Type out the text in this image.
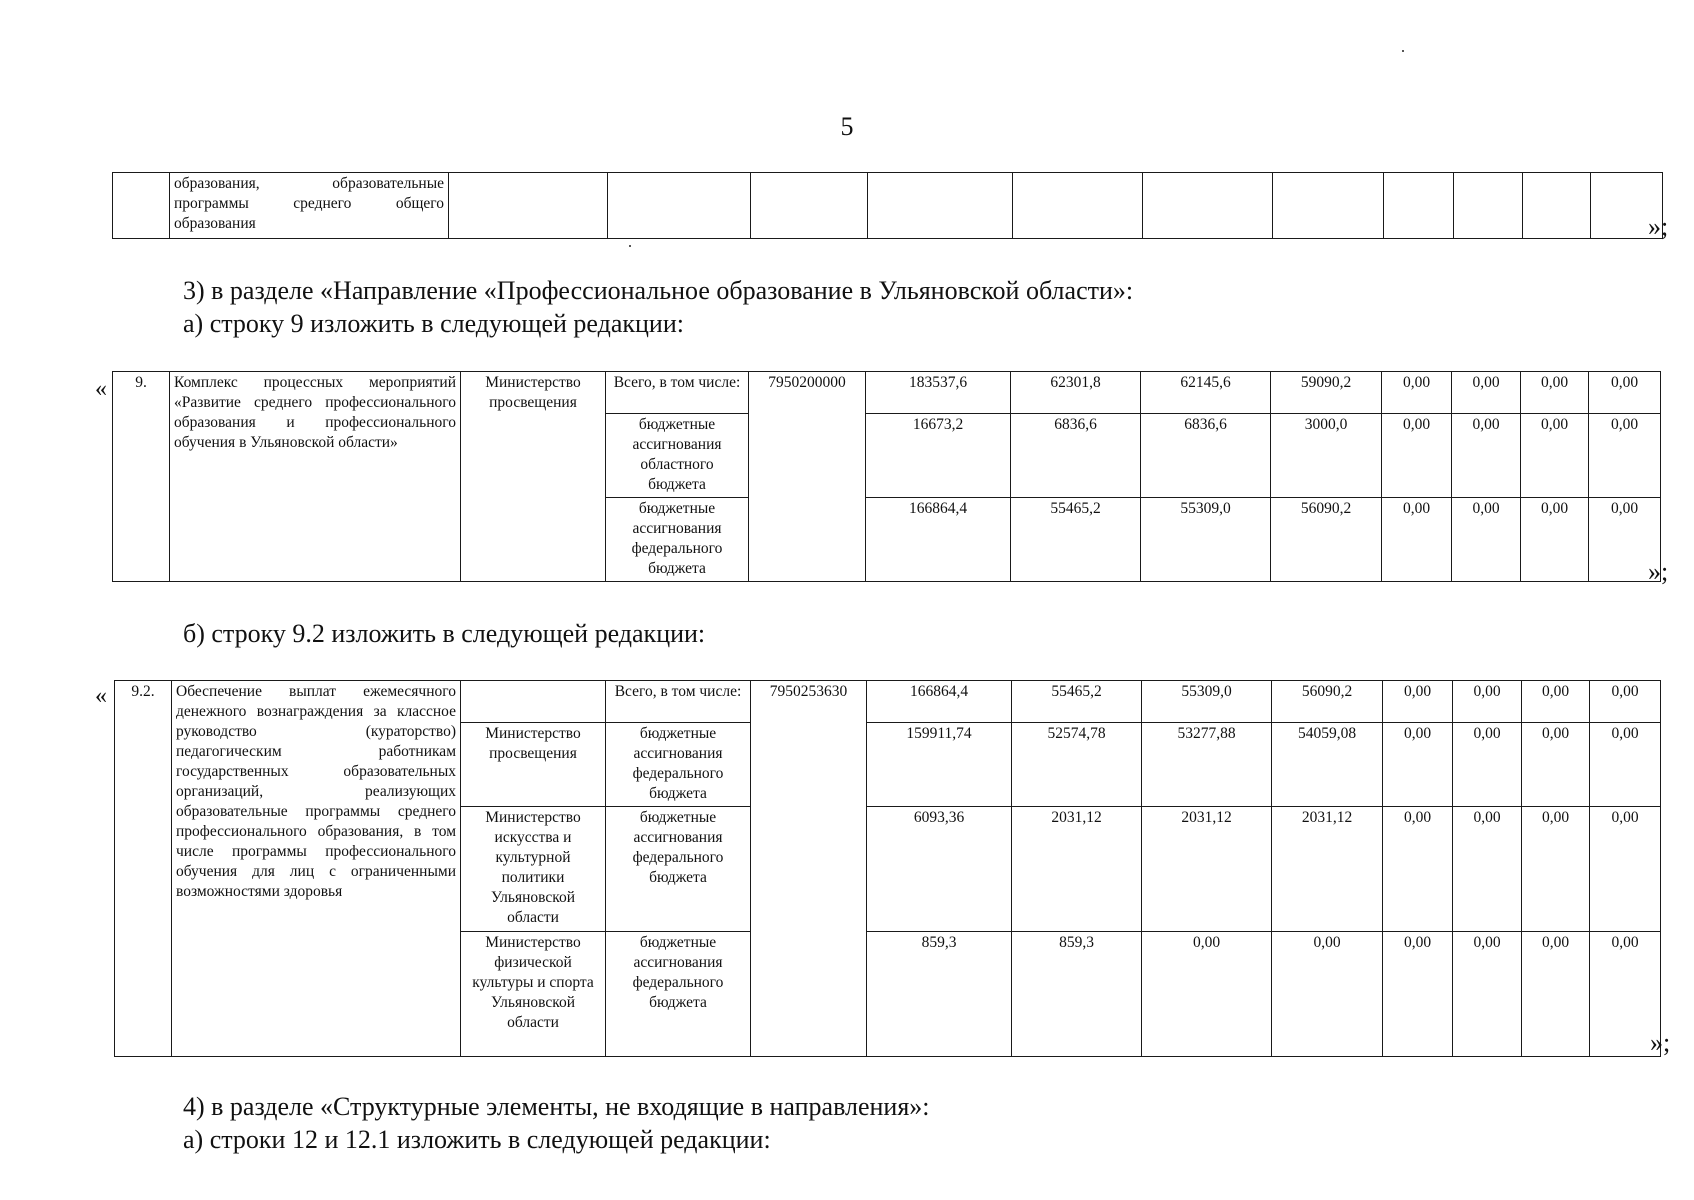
5

образования, образовательные
программы среднего общего
образования												»;
3) в разделе «Направление «Профессиональное образование в Ульяновской области»:
а) строку 9 изложить в следующей редакции:
« 9.	Комплекс процессных мероприятий «Развитие среднего профессионального образования и профессионального обучения в Ульяновской области»	Министерство просвещения	Всего, в том числе:	7950200000	183537,6	62301,8	62145,6	59090,2	0,00	0,00	0,00	0,00
			бюджетные ассигнования областного бюджета		16673,2	6836,6	6836,6	3000,0	0,00	0,00	0,00	0,00
			бюджетные ассигнования федерального бюджета		166864,4	55465,2	55309,0	56090,2	0,00	0,00	0,00	0,00
»;
б) строку 9.2 изложить в следующей редакции:
« 9.2.	Обеспечение выплат ежемесячного денежного вознаграждения за классное руководство (кураторство) педагогическим работникам государственных образовательных организаций, реализующих образовательные программы среднего профессионального образования, в том числе программы профессионального обучения для лиц с ограниченными возможностями здоровья		Всего, в том числе:	7950253630	166864,4	55465,2	55309,0	56090,2	0,00	0,00	0,00	0,00
		Министерство просвещения	бюджетные ассигнования федерального бюджета		159911,74	52574,78	53277,88	54059,08	0,00	0,00	0,00	0,00
		Министерство искусства и культурной политики Ульяновской области	бюджетные ассигнования федерального бюджета		6093,36	2031,12	2031,12	2031,12	0,00	0,00	0,00	0,00
		Министерство физической культуры и спорта Ульяновской области	бюджетные ассигнования федерального бюджета		859,3	859,3	0,00	0,00	0,00	0,00	0,00	0,00
»;
4) в разделе «Структурные элементы, не входящие в направления»:
а) строки 12 и 12.1 изложить в следующей редакции:
